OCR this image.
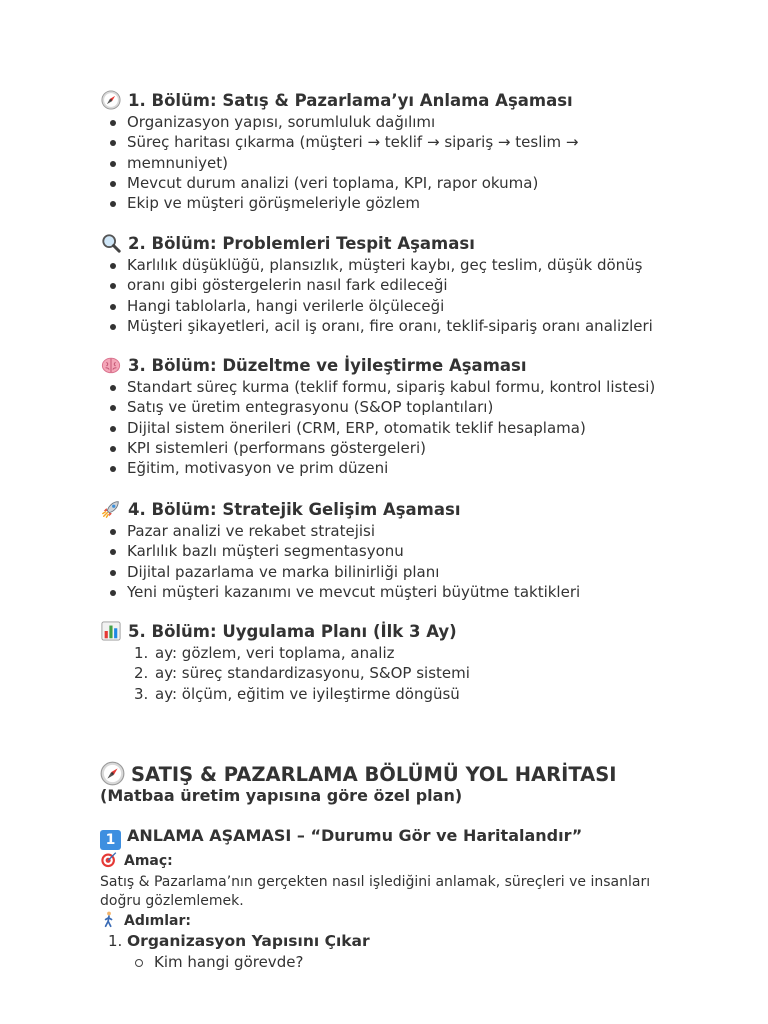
1. Bölüm: Satış & Pazarlama’yı Anlama Aşaması
Organizasyon yapısı, sorumluluk dağılımı
Süreç haritası çıkarma (müşteri → teklif → sipariş → teslim →
memnuniyet)
Mevcut durum analizi (veri toplama, KPI, rapor okuma)
Ekip ve müşteri görüşmeleriyle gözlem
2. Bölüm: Problemleri Tespit Aşaması
Karlılık düşüklüğü, plansızlık, müşteri kaybı, geç teslim, düşük dönüş
oranı gibi göstergelerin nasıl fark edileceği
Hangi tablolarla, hangi verilerle ölçüleceği
Müşteri şikayetleri, acil iş oranı, fire oranı, teklif-sipariş oranı analizleri
3. Bölüm: Düzeltme ve İyileştirme Aşaması
Standart süreç kurma (teklif formu, sipariş kabul formu, kontrol listesi)
Satış ve üretim entegrasyonu (S&OP toplantıları)
Dijital sistem önerileri (CRM, ERP, otomatik teklif hesaplama)
KPI sistemleri (performans göstergeleri)
Eğitim, motivasyon ve prim düzeni
4. Bölüm: Stratejik Gelişim Aşaması
Pazar analizi ve rekabet stratejisi
Karlılık bazlı müşteri segmentasyonu
Dijital pazarlama ve marka bilinirliği planı
Yeni müşteri kazanımı ve mevcut müşteri büyütme taktikleri
5. Bölüm: Uygulama Planı (İlk 3 Ay)
1. ay: gözlem, veri toplama, analiz
2. ay: süreç standardizasyonu, S&OP sistemi
3. ay: ölçüm, eğitim ve iyileştirme döngüsü
SATIŞ & PAZARLAMA BÖLÜMÜ YOL HARİTASI
(Matbaa üretim yapısına göre özel plan)
1 ANLAMA AŞAMASI – “Durumu Gör ve Haritalandır”
Amaç:
Satış & Pazarlama’nın gerçekten nasıl işlediğini anlamak, süreçleri ve insanları
doğru gözlemlemek.
Adımlar:
1. Organizasyon Yapısını Çıkar
Kim hangi görevde?
